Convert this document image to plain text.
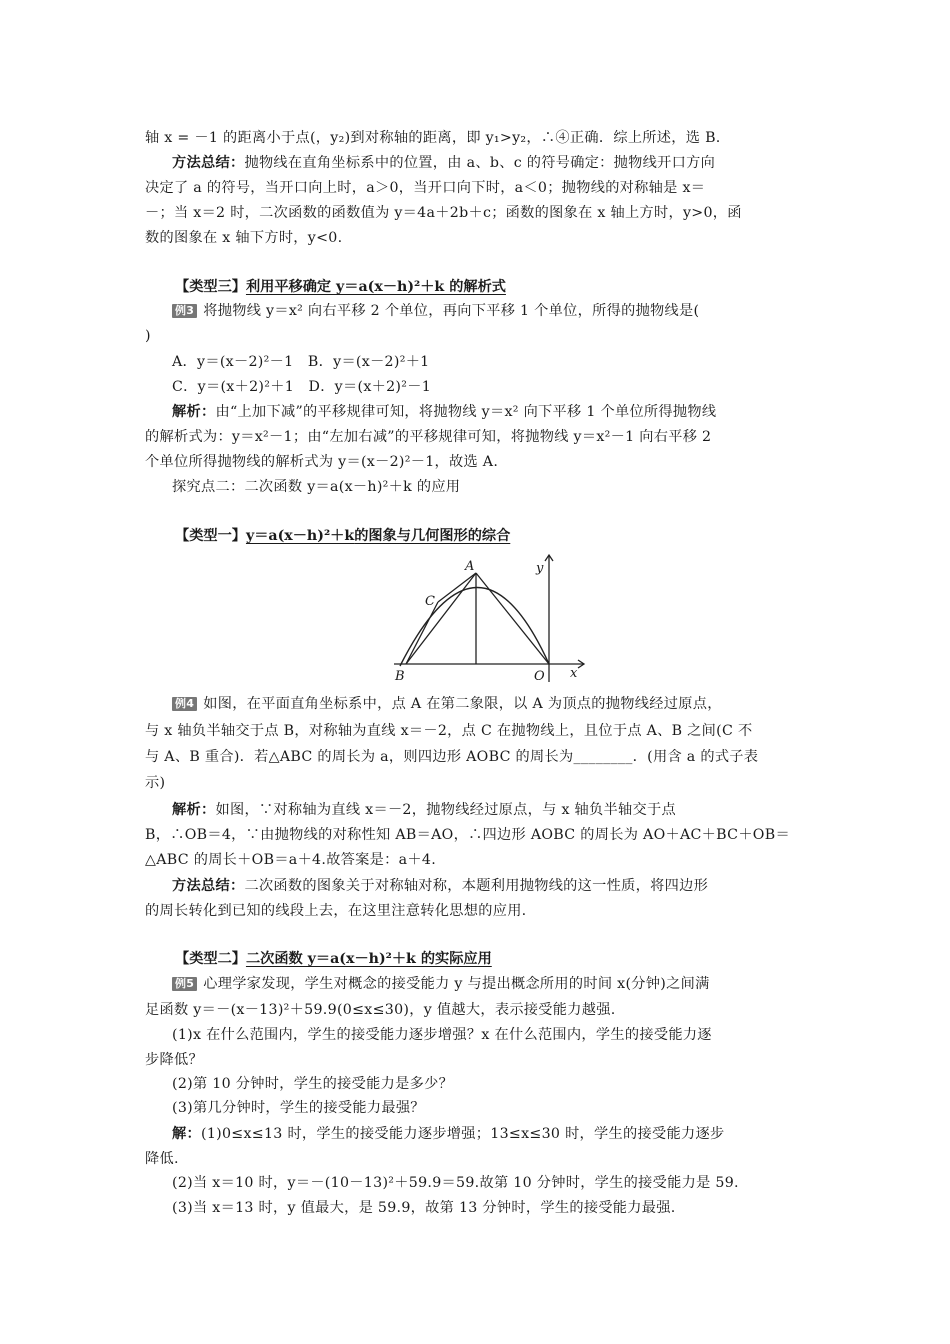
轴 x = －1 的距离小于点(，y₂)到对称轴的距离，即 y₁>y₂，∴④正确．综上所述，选 B.
方法总结：抛物线在直角坐标系中的位置，由 a、b、c 的符号确定：抛物线开口方向
决定了 a 的符号，当开口向上时，a＞0，当开口向下时，a＜0；抛物线的对称轴是 x＝
－；当 x＝2 时，二次函数的函数值为 y＝4a＋2b＋c；函数的图象在 x 轴上方时，y>0，函
数的图象在 x 轴下方时，y<0.
【类型三】利用平移确定 y＝a(x－h)²＋k 的解析式
例3 将抛物线 y＝x² 向右平移 2 个单位，再向下平移 1 个单位，所得的抛物线是(
)
A．y＝(x－2)²－1　B．y＝(x－2)²＋1
C．y＝(x＋2)²＋1　D．y＝(x＋2)²－1
解析：由“上加下减”的平移规律可知，将抛物线 y＝x² 向下平移 1 个单位所得抛物线
的解析式为：y＝x²－1；由“左加右减”的平移规律可知，将抛物线 y＝x²－1 向右平移 2
个单位所得抛物线的解析式为 y＝(x－2)²－1，故选 A.
探究点二：二次函数 y＝a(x－h)²＋k 的应用
【类型一】y＝a(x－h)²＋k的图象与几何图形的综合
A
C
B	O x
y
例4 如图，在平面直角坐标系中，点 A 在第二象限，以 A 为顶点的抛物线经过原点，
与 x 轴负半轴交于点 B，对称轴为直线 x＝－2，点 C 在抛物线上，且位于点 A、B 之间(C 不
与 A、B 重合)．若△ABC 的周长为 a，则四边形 AOBC 的周长为________．(用含 a 的式子表
示)
解析：如图，∵对称轴为直线 x＝－2，抛物线经过原点，与 x 轴负半轴交于点
B，∴OB＝4，∵由抛物线的对称性知 AB＝AO，∴四边形 AOBC 的周长为 AO＋AC＋BC＋OB＝
△ABC 的周长＋OB＝a＋4.故答案是：a＋4.
方法总结：二次函数的图象关于对称轴对称，本题利用抛物线的这一性质，将四边形
的周长转化到已知的线段上去，在这里注意转化思想的应用.
【类型二】二次函数 y＝a(x－h)²＋k 的实际应用
例5 心理学家发现，学生对概念的接受能力 y 与提出概念所用的时间 x(分钟)之间满
足函数 y＝－(x－13)²＋59.9(0≤x≤30)，y 值越大，表示接受能力越强.
(1)x 在什么范围内，学生的接受能力逐步增强？x 在什么范围内，学生的接受能力逐
步降低？
(2)第 10 分钟时，学生的接受能力是多少？
(3)第几分钟时，学生的接受能力最强？
解：(1)0≤x≤13 时，学生的接受能力逐步增强；13≤x≤30 时，学生的接受能力逐步
降低.
(2)当 x＝10 时，y＝－(10－13)²＋59.9＝59.故第 10 分钟时，学生的接受能力是 59.
(3)当 x＝13 时，y 值最大，是 59.9，故第 13 分钟时，学生的接受能力最强.
